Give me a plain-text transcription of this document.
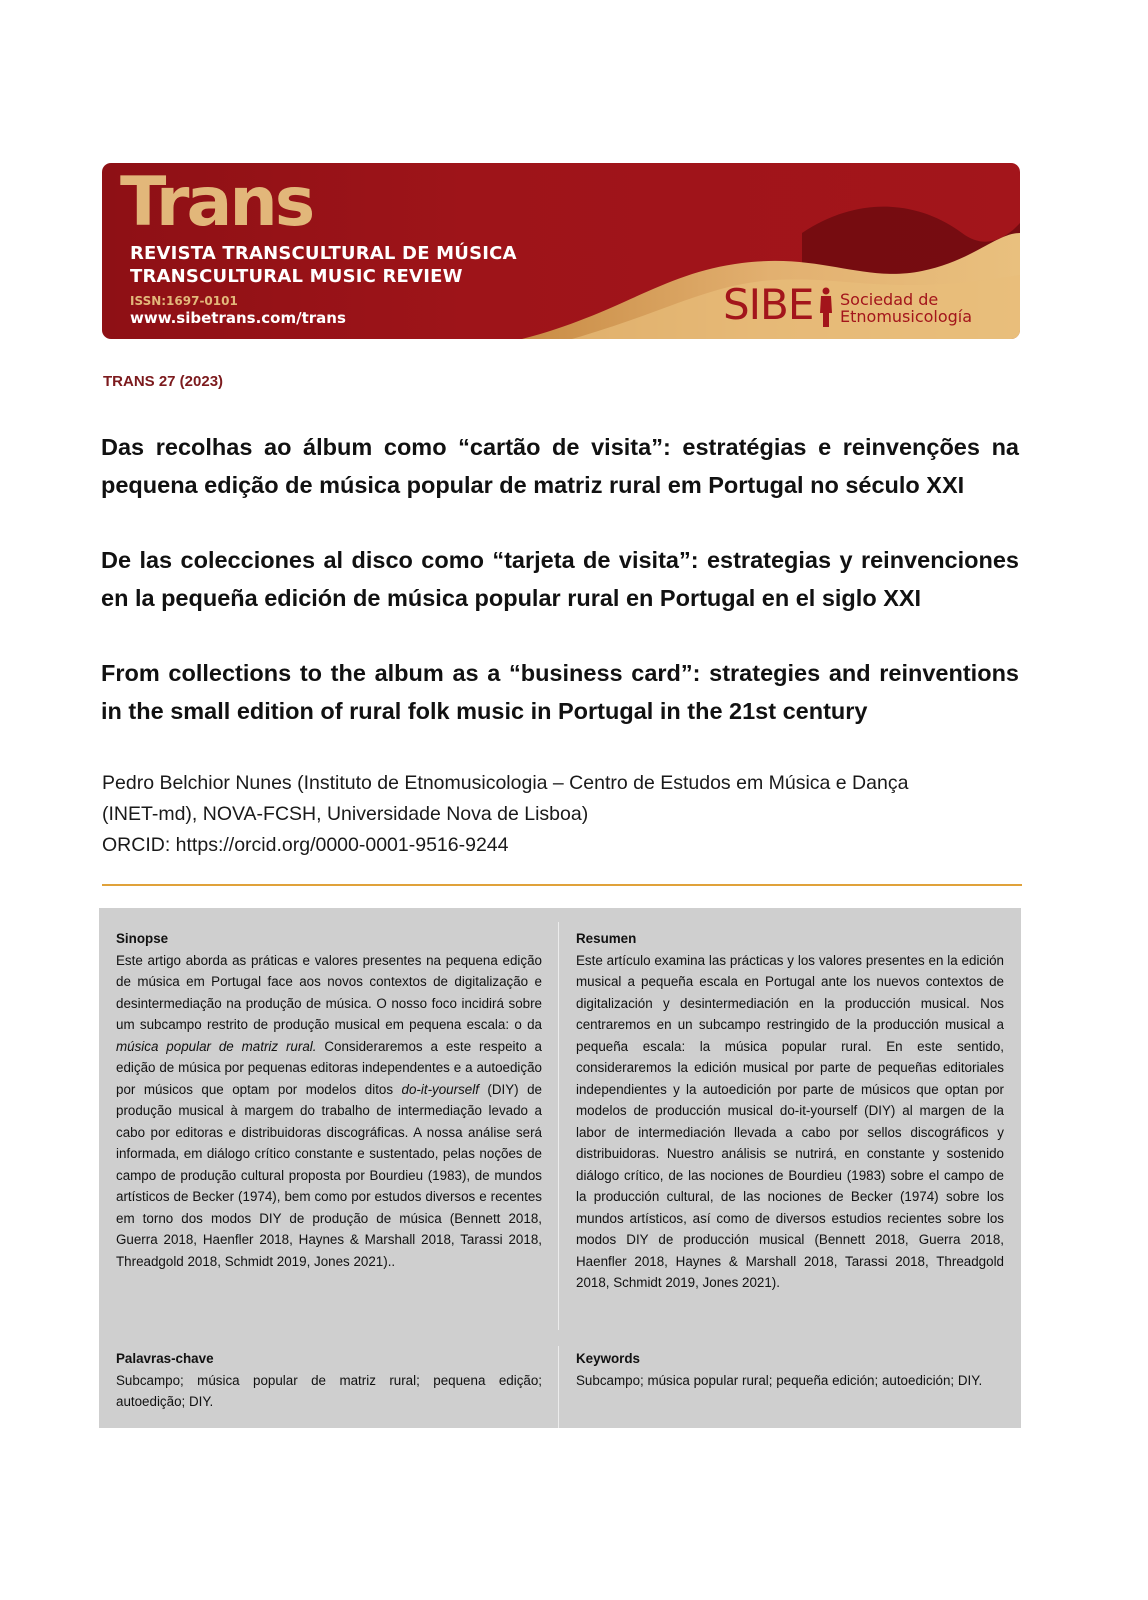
Trans
REVISTA TRANSCULTURAL DE MÚSICA
TRANSCULTURAL MUSIC REVIEW
ISSN:1697-0101
www.sibetrans.com/trans	SIBE Sociedad de
Etnomusicología
TRANS 27 (2023)
Das recolhas ao álbum como “cartão de visita”: estratégias e reinvenções na pequena edição de música popular de matriz rural em Portugal no século XXI
De las colecciones al disco como “tarjeta de visita”: estrategias y reinvenciones en la pequeña edición de música popular rural en Portugal en el siglo XXI
From collections to the album as a “business card”: strategies and reinventions in the small edition of rural folk music in Portugal in the 21st century
Pedro Belchior Nunes (Instituto de Etnomusicologia – Centro de Estudos em Música e Dança
(INET-md), NOVA-FCSH, Universidade Nova de Lisboa)
ORCID: https://orcid.org/0000-0001-9516-9244
Sinopse
Este artigo aborda as práticas e valores presentes na pequena edição de música em Portugal face aos novos contextos de digitalização e desintermediação na produção de música. O nosso foco incidirá sobre um subcampo restrito de produção musical em pequena escala: o da música popular de matriz rural. Consideraremos a este respeito a edição de música por pequenas editoras independentes e a autoedição por músicos que optam por modelos ditos do-it-yourself (DIY) de produção musical à margem do trabalho de intermediação levado a cabo por editoras e distribuidoras discográficas. A nossa análise será informada, em diálogo crítico constante e sustentado, pelas noções de campo de produção cultural proposta por Bourdieu (1983), de mundos artísticos de Becker (1974), bem como por estudos diversos e recentes em torno dos modos DIY de produção de música (Bennett 2018, Guerra 2018, Haenfler 2018, Haynes & Marshall 2018, Tarassi 2018, Threadgold 2018, Schmidt 2019, Jones 2021)..
Resumen
Este artículo examina las prácticas y los valores presentes en la edición musical a pequeña escala en Portugal ante los nuevos contextos de digitalización y desintermediación en la producción musical. Nos centraremos en un subcampo restringido de la producción musical a pequeña escala: la música popular rural. En este sentido, consideraremos la edición musical por parte de pequeñas editoriales independientes y la autoedición por parte de músicos que optan por modelos de producción musical do-it-yourself (DIY) al margen de la labor de intermediación llevada a cabo por sellos discográficos y distribuidoras. Nuestro análisis se nutrirá, en constante y sostenido diálogo crítico, de las nociones de Bourdieu (1983) sobre el campo de la producción cultural, de las nociones de Becker (1974) sobre los mundos artísticos, así como de diversos estudios recientes sobre los modos DIY de producción musical (Bennett 2018, Guerra 2018, Haenfler 2018, Haynes & Marshall 2018, Tarassi 2018, Threadgold 2018, Schmidt 2019, Jones 2021).
Palavras-chave
Subcampo; música popular de matriz rural; pequena edição; autoedição; DIY.
Keywords
Subcampo; música popular rural; pequeña edición; autoedición; DIY.
